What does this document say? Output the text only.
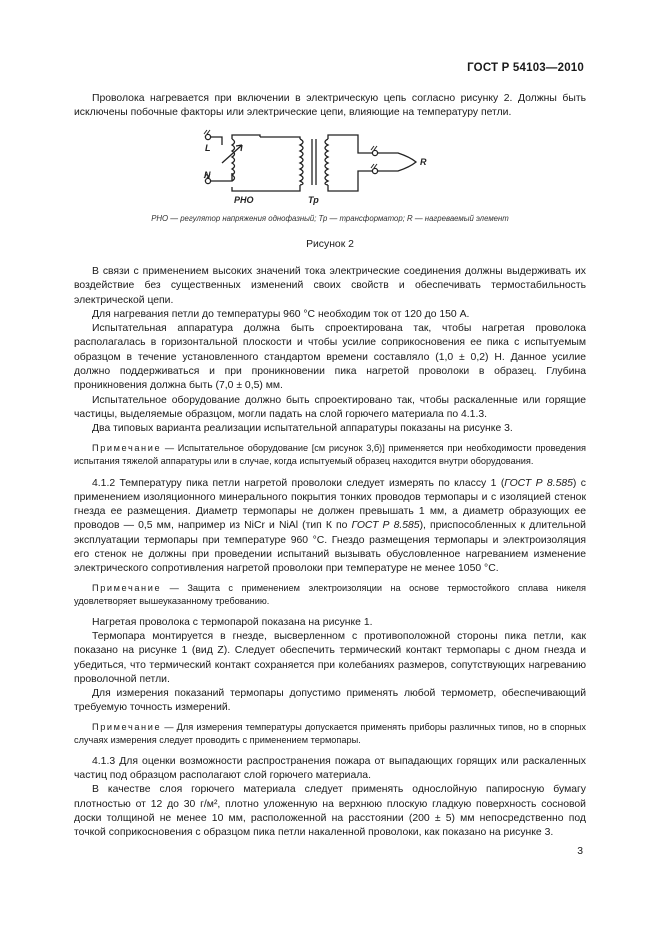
ГОСТ Р 54103—2010

Проволока нагревается при включении в электрическую цепь согласно рисунку 2. Должны быть исключены побочные факторы или электрические цепи, влияющие на температуру петли.

L
N
РНО	Тр
R
РНО — регулятор напряжения однофазный; Тр — трансформатор; R — нагреваемый элемент
Рисунок 2

В связи с применением высоких значений тока электрические соединения должны выдерживать их воздействие без существенных изменений своих свойств и обеспечивать термостабильность электрической цепи.

Для нагревания петли до температуры 960 °С необходим ток от 120 до 150 А.

Испытательная аппаратура должна быть спроектирована так, чтобы нагретая проволока располагалась в горизонтальной плоскости и чтобы усилие соприкосновения ее пика с испытуемым образцом в течение установленного стандартом времени составляло (1,0 ± 0,2) Н. Данное усилие должно поддерживаться и при проникновении пика нагретой проволоки в образец. Глубина проникновения должна быть (7,0 ± 0,5) мм.

Испытательное оборудование должно быть спроектировано так, чтобы раскаленные или горящие частицы, выделяемые образцом, могли падать на слой горючего материала по 4.1.3.

Два типовых варианта реализации испытательной аппаратуры показаны на рисунке 3.

Примечание — Испытательное оборудование [см рисунок 3,б)] применяется при необходимости проведения испытания тяжелой аппаратуры или в случае, когда испытуемый образец находится внутри оборудования.

4.1.2 Температуру пика петли нагретой проволоки следует измерять по классу 1 (ГОСТ Р 8.585) с применением изоляционного минерального покрытия тонких проводов термопары и с изоляцией стенок гнезда ее размещения. Диаметр термопары не должен превышать 1 мм, а диаметр образующих ее проводов — 0,5 мм, например из NiCr и NiAl (тип К по ГОСТ Р 8.585), приспособленных к длительной эксплуатации термопары при температуре 960 °С. Гнездо размещения термопары и электроизоляция его стенок не должны при проведении испытаний вызывать обусловленное нагреванием изменение электрического сопротивления нагретой проволоки при температуре не менее 1050 °С.

Примечание — Защита с применением электроизоляции на основе термостойкого сплава никеля удовлетворяет вышеуказанному требованию.

Нагретая проволока с термопарой показана на рисунке 1.

Термопара монтируется в гнезде, высверленном с противоположной стороны пика петли, как показано на рисунке 1 (вид Z). Следует обеспечить термический контакт термопары с дном гнезда и убедиться, что термический контакт сохраняется при колебаниях размеров, сопутствующих нагреванию проволочной петли.

Для измерения показаний термопары допустимо применять любой термометр, обеспечивающий требуемую точность измерений.

Примечание — Для измерения температуры допускается применять приборы различных типов, но в спорных случаях измерения следует проводить с применением термопары.

4.1.3 Для оценки возможности распространения пожара от выпадающих горящих или раскаленных частиц под образцом располагают слой горючего материала.

В качестве слоя горючего материала следует применять однослойную папиросную бумагу плотностью от 12 до 30 г/м², плотно уложенную на верхнюю плоскую гладкую поверхность сосновой доски толщиной не менее 10 мм, расположенной на расстоянии (200 ± 5) мм непосредственно под точкой соприкосновения с образцом пика петли накаленной проволоки, как показано на рисунке 3.

3
